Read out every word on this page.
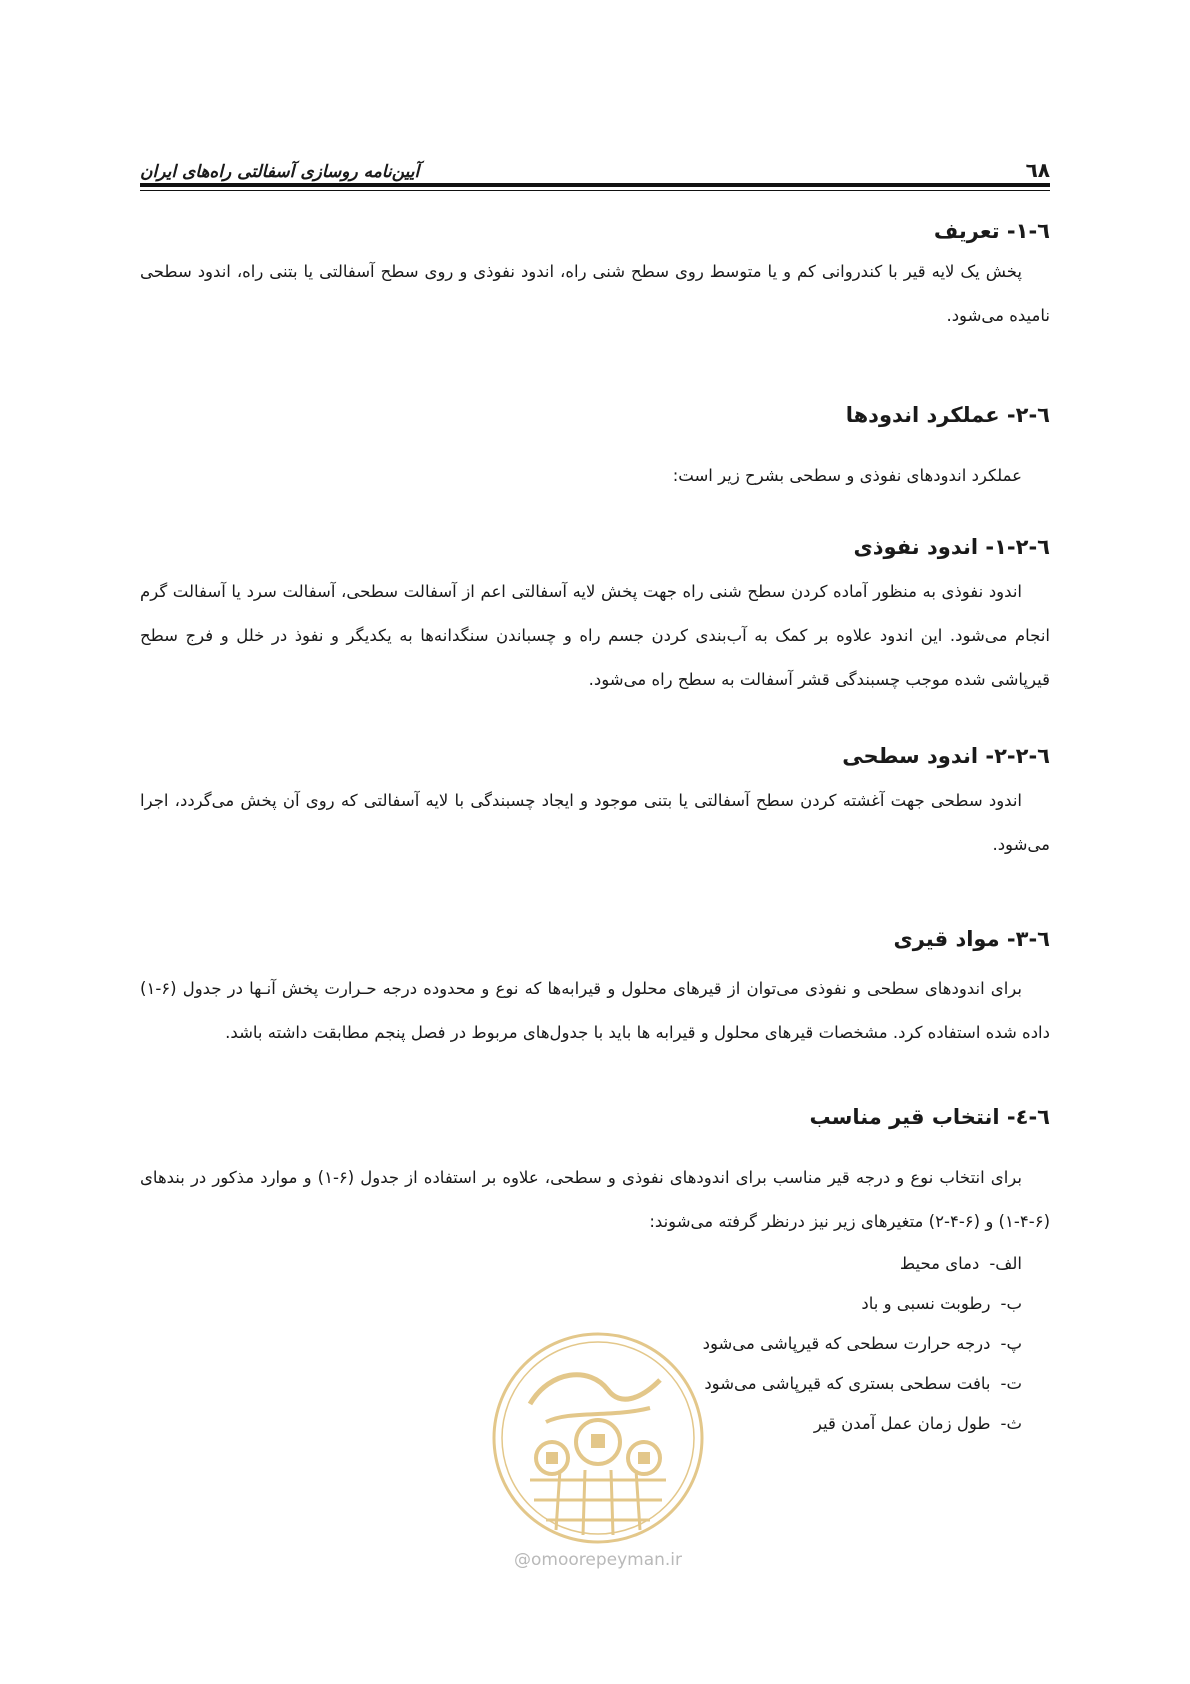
٦٨
آیین‌نامه روسازی آسفالتی راه‌های ایران
٦-١- تعریف
پخش یک لایه قیر با کندروانی کم و یا متوسط روی سطح شنی راه، اندود نفوذی و روی سطح آسفالتی یا بتنی راه، اندود سطحی نامیده می‌شود.
٦-٢- عملکرد اندودها
عملکرد اندودهای نفوذی و سطحی بشرح زیر است:
٦-٢-١- اندود نفوذی
اندود نفوذی به منظور آماده کردن سطح شنی راه جهت پخش لایه آسفالتی اعم از آسفالت سطحی، آسفالت سرد یا آسفالت گرم انجام می‌شود. این اندود علاوه بر کمک به آب‌بندی کردن جسم راه و چسباندن سنگدانه‌ها به یکدیگر و نفوذ در خلل و فرج سطح قیرپاشی شده موجب چسبندگی قشر آسفالت به سطح راه می‌شود.
٦-٢-٢- اندود سطحی
اندود سطحی جهت آغشته کردن سطح آسفالتی یا بتنی موجود و ایجاد چسبندگی با لایه آسفالتی که روی آن پخش می‌گردد، اجرا می‌شود.
٦-٣- مواد قیری
برای اندودهای سطحی و نفوذی می‌توان از قیرهای محلول و قیرابه‌ها که نوع و محدوده درجه حـرارت پخش آنـها در جدول (۶-۱) داده شده استفاده کرد. مشخصات قیرهای محلول و قیرابه ها باید با جدول‌های مربوط در فصل پنجم مطابقت داشته باشد.
٦-٤- انتخاب قیر مناسب
برای انتخاب نوع و درجه قیر مناسب برای اندودهای نفوذی و سطحی، علاوه بر استفاده از جدول (۶-۱) و موارد مذکور در بندهای (۶-۴-۱) و (۶-۴-۲) متغیرهای زیر نیز درنظر گرفته می‌شوند:
الف-دمای محیط
ب-رطوبت نسبی و باد
پ-درجه حرارت سطحی که قیرپاشی می‌شود
ت-بافت سطحی بستری که قیرپاشی می‌شود
ث-طول زمان عمل آمدن قیر
@omoorepeyman.ir
